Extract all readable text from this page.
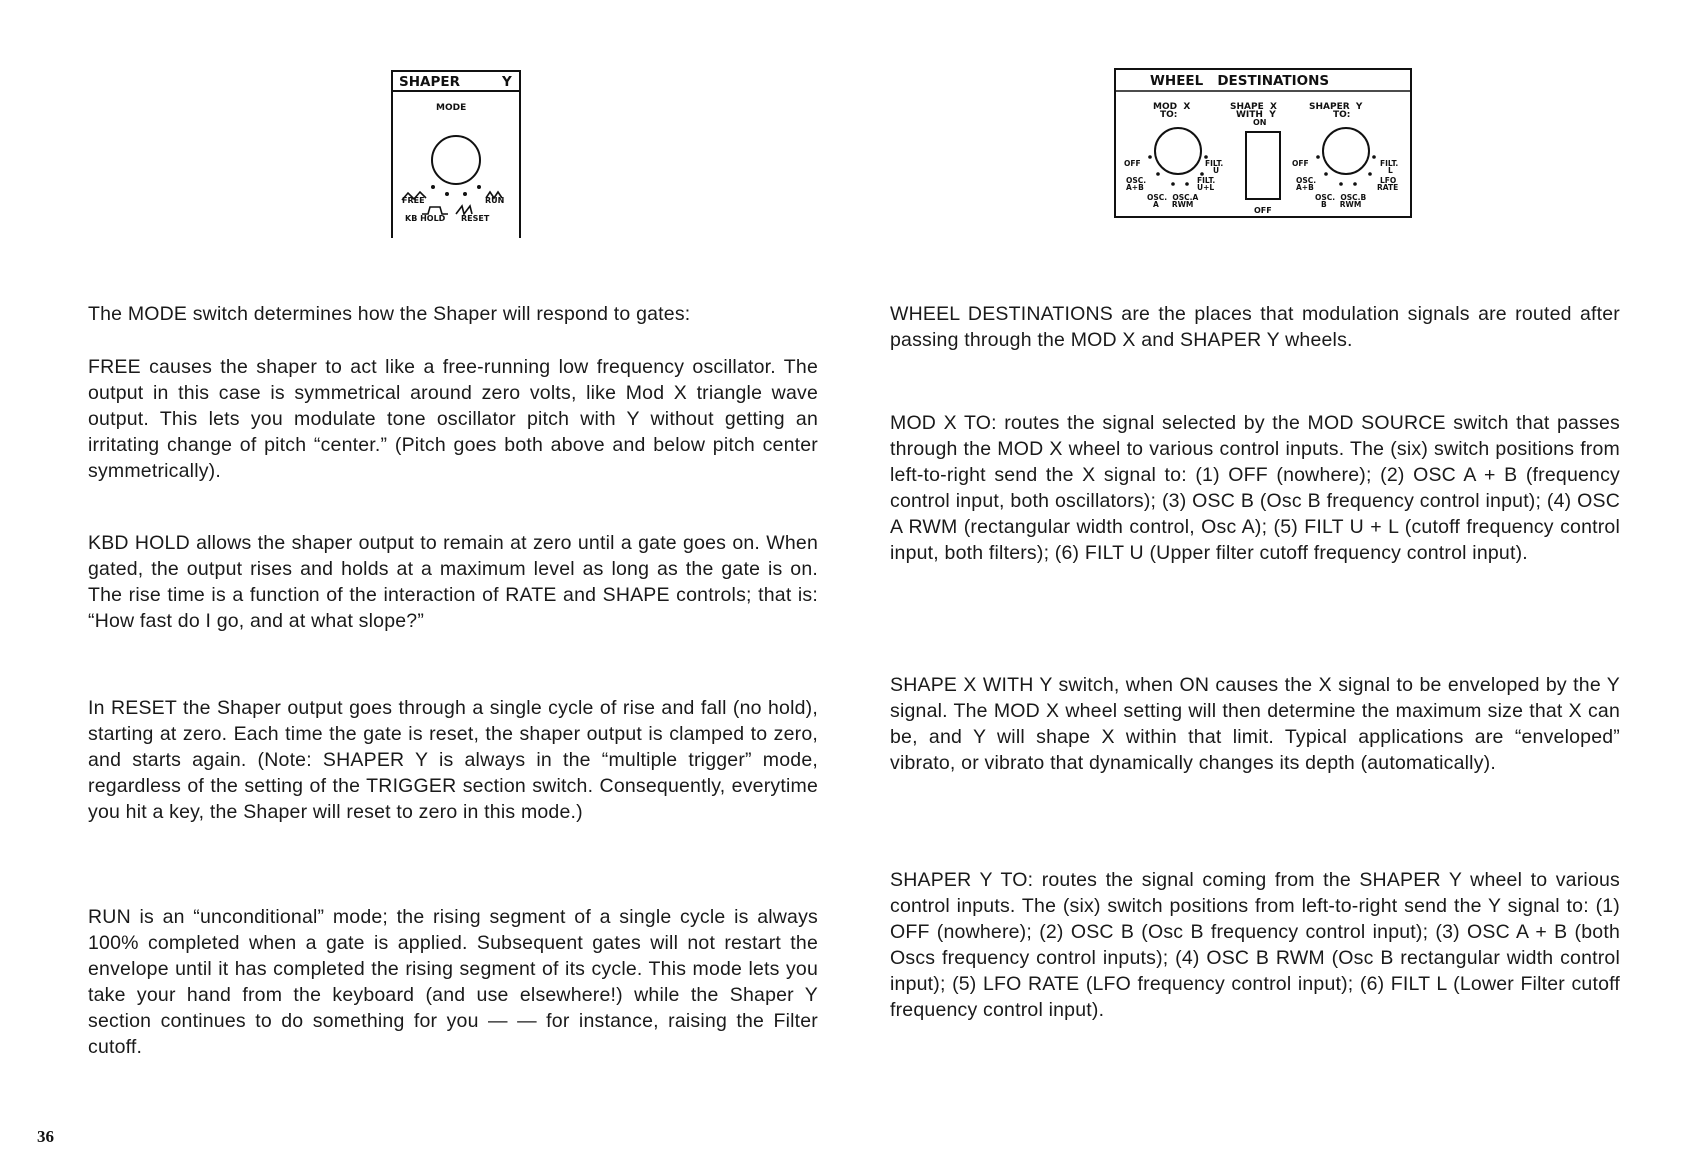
SHAPER	Y
MODE
FREE	RUN
KB HOLD RESET
WHEEL   DESTINATIONS
MOD  X
TO:
SHAPE  X
WITH  Y
ON
SHAPER  Y
TO:
OFF	FILT.
U
OSC.
A+B
FILT.
U+L
OSC.  OSC.A
A     RWM
OFF
OFF	FILT.
L
OSC.
A+B
LFO
RATE
OSC.  OSC.B
B     RWM

The MODE switch determines how the Shaper will respond to gates:

FREE causes the shaper to act like a free-running low frequency oscillator. The output in this case is symmetrical around zero volts, like Mod X triangle wave output. This lets you modulate tone oscillator pitch with Y without getting an irritating change of pitch “center.” (Pitch goes both above and below pitch center symmetrically).

KBD HOLD allows the shaper output to remain at zero until a gate goes on. When gated, the output rises and holds at a maximum level as long as the gate is on. The rise time is a function of the interaction of RATE and SHAPE controls; that is: “How fast do I go, and at what slope?”

In RESET the Shaper output goes through a single cycle of rise and fall (no hold), starting at zero. Each time the gate is reset, the shaper output is clamped to zero, and starts again. (Note: SHAPER Y is always in the “multiple trigger” mode, regardless of the setting of the TRIGGER section switch. Consequently, everytime you hit a key, the Shaper will reset to zero in this mode.)

RUN is an “unconditional” mode; the rising segment of a single cycle is always 100% completed when a gate is applied. Subsequent gates will not restart the envelope until it has completed the rising segment of its cycle. This mode lets you take your hand from the keyboard (and use elsewhere!) while the Shaper Y section continues to do something for you — — for instance, raising the Filter cutoff.

WHEEL DESTINATIONS are the places that modulation signals are routed after passing through the MOD X and SHAPER Y wheels.

MOD X TO: routes the signal selected by the MOD SOURCE switch that passes through the MOD X wheel to various control inputs. The (six) switch positions from left-to-right send the X signal to: (1) OFF (nowhere); (2) OSC A + B (frequency control input, both oscillators); (3) OSC B (Osc B frequency control input); (4) OSC A RWM (rectangular width control, Osc A); (5) FILT U + L (cutoff frequency control input, both filters); (6) FILT U (Upper filter cutoff frequency control input).

SHAPE X WITH Y switch, when ON causes the X signal to be enveloped by the Y signal. The MOD X wheel setting will then determine the maximum size that X can be, and Y will shape X within that limit. Typical applications are “enveloped” vibrato, or vibrato that dynamically changes its depth (automatically).

SHAPER Y TO: routes the signal coming from the SHAPER Y wheel to various control inputs. The (six) switch positions from left-to-right send the Y signal to: (1) OFF (nowhere); (2) OSC B (Osc B frequency control input); (3) OSC A + B (both Oscs frequency control inputs); (4) OSC B RWM (Osc B rectangular width control input); (5) LFO RATE (LFO frequency control input); (6) FILT L (Lower Filter cutoff frequency control input).

36
